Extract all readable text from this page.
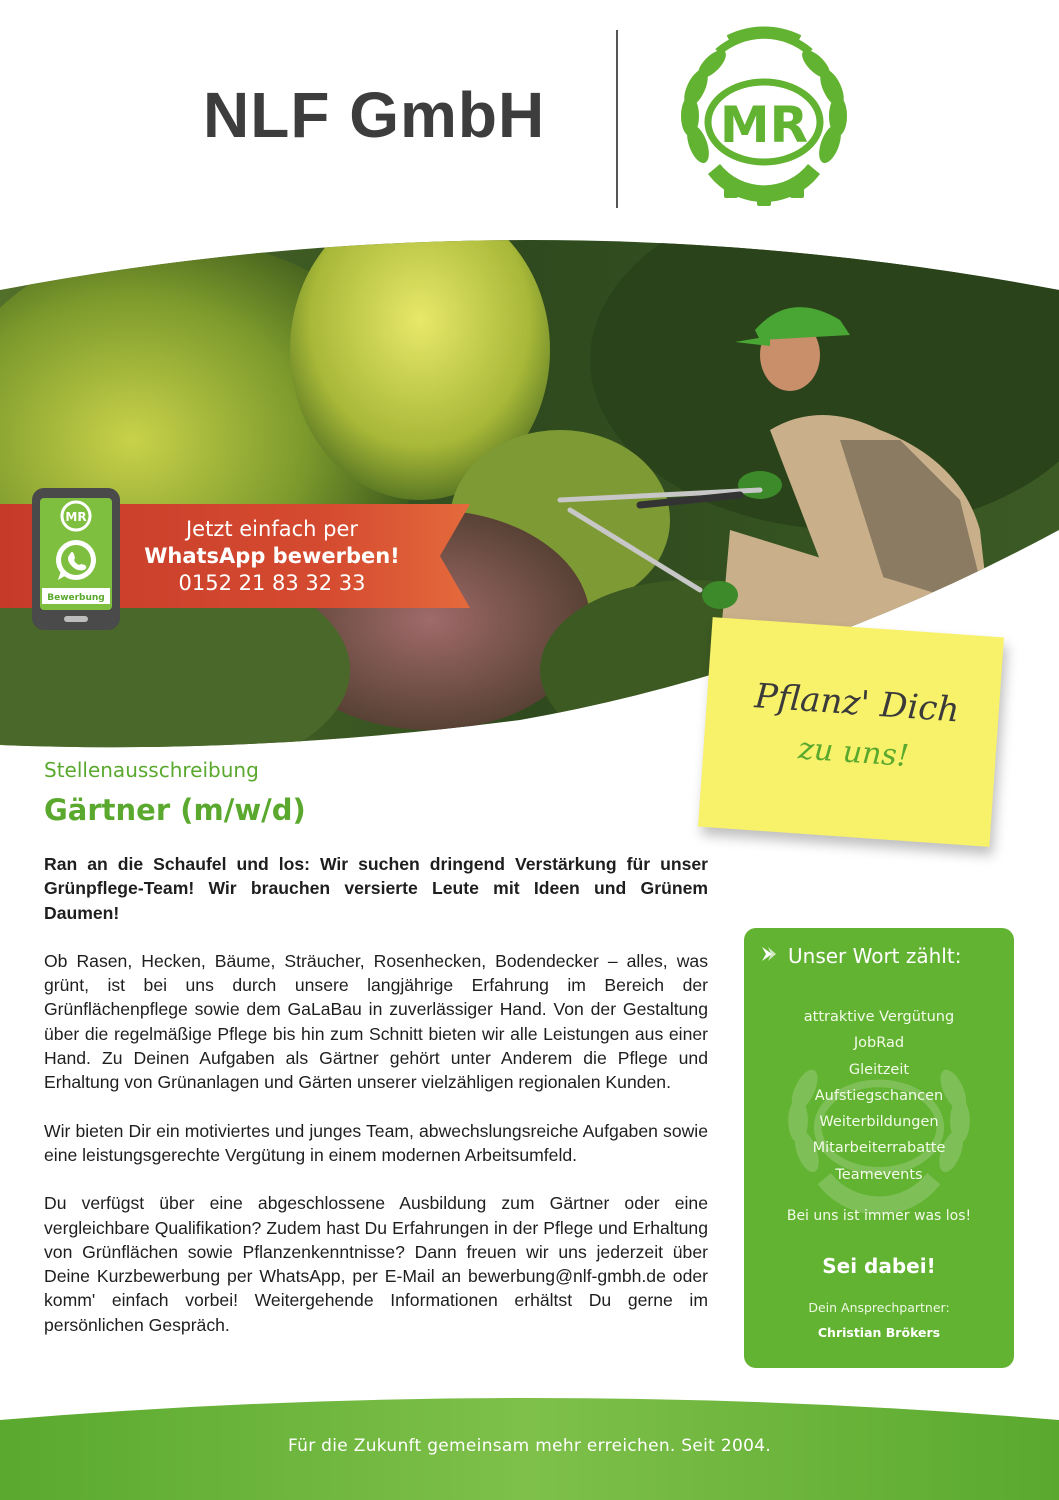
NLF GmbH	MR
Jetzt einfach per
WhatsApp bewerben!
0152 21 83 32 33
MR
Bewerbung
Pflanz' Dich
zu uns!
Stellenausschreibung
Gärtner (m/w/d)

Ran an die Schaufel und los: Wir suchen dringend Verstärkung für unser Grünpflege-Team! Wir brauchen versierte Leute mit Ideen und Grünem Daumen!

Ob Rasen, Hecken, Bäume, Sträucher, Rosenhecken, Bodendecker – alles, was grünt, ist bei uns durch unsere langjährige Erfahrung im Bereich der Grünflächenpflege sowie dem GaLaBau in zuverlässiger Hand. Von der Gestaltung über die regelmäßige Pflege bis hin zum Schnitt bieten wir alle Leistungen aus einer Hand. Zu Deinen Aufgaben als Gärtner gehört unter Anderem die Pflege und Erhaltung von Grünanlagen und Gärten unserer vielzähligen regionalen Kunden.

Wir bieten Dir ein motiviertes und junges Team, abwechslungsreiche Aufgaben sowie eine leistungsgerechte Vergütung in einem modernen Arbeitsumfeld.

Du verfügst über eine abgeschlossene Ausbildung zum Gärtner oder eine vergleichbare Qualifikation? Zudem hast Du Erfahrungen in der Pflege und Erhaltung von Grünflächen sowie Pflanzenkenntnisse? Dann freuen wir uns jederzeit über Deine Kurzbewerbung per WhatsApp, per E-Mail an bewerbung@nlf-gmbh.de oder komm' einfach vorbei! Weitergehende Informationen erhältst Du gerne im persönlichen Gespräch.

Unser Wort zählt:
attraktive Vergütung
JobRad
Gleitzeit
Aufstiegschancen
Weiterbildungen
Mitarbeiterrabatte
Teamevents
Bei uns ist immer was los!
Sei dabei!
Dein Ansprechpartner:
Christian Brökers
Für die Zukunft gemeinsam mehr erreichen. Seit 2004.
